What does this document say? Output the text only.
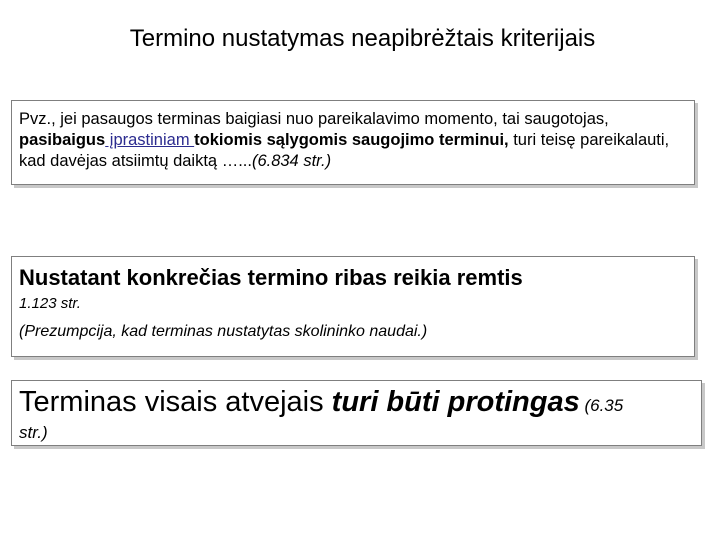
Termino nustatymas neapibrėžtais kriterijais

Pvz., jei pasaugos terminas baigiasi nuo pareikalavimo momento, tai saugotojas, pasibaigus įprastiniam tokiomis sąlygomis saugojimo terminui, turi teisę pareikalauti, kad davėjas atsiimtų daiktą …...(6.834 str.)

Nustatant konkrečias termino ribas reikia remtis

1.123 str.

(Prezumpcija, kad terminas nustatytas skolininko naudai.)

Terminas visais atvejais turi būti protingas (6.35

str.)
